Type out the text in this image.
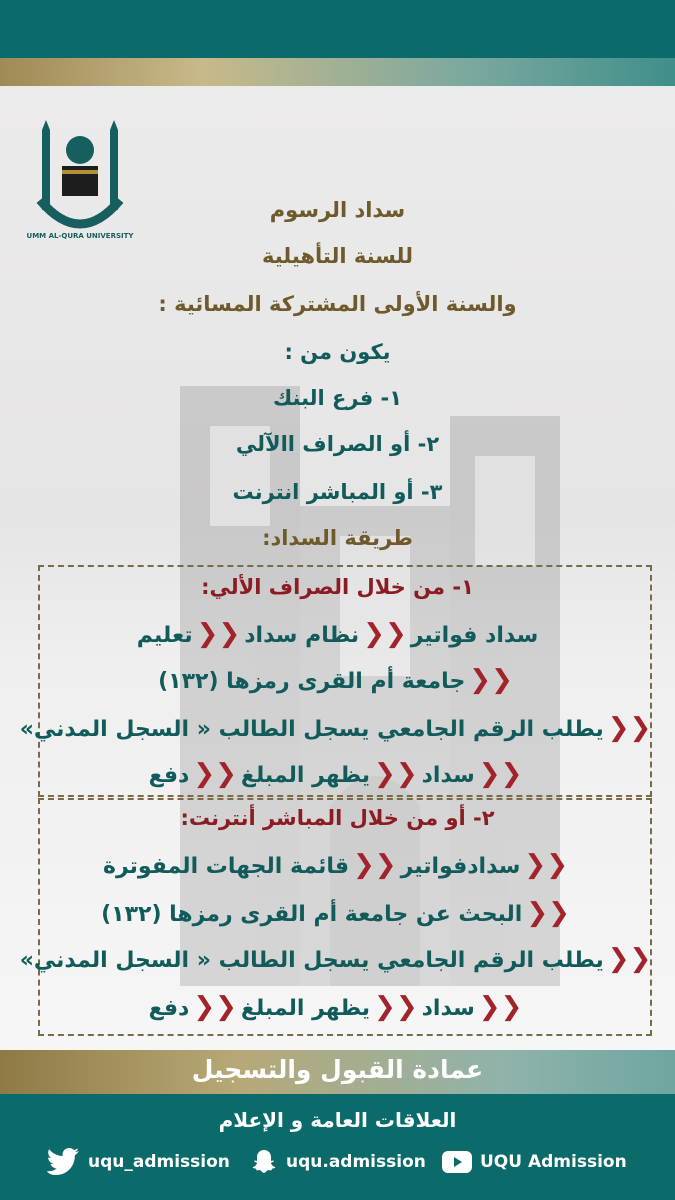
UMM AL-QURA UNIVERSITY
سداد الرسوم
للسنة التأهيلية
والسنة الأولى المشتركة المسائية :
يكون من :
١- فرع البنك
٢- أو الصراف االآلي
٣- أو المباشر انترنت
طريقة السداد:
١- من خلال الصراف الألي:
سداد فواتير❮❮نظام سداد❮❮تعليم
❮❮جامعة أم القرى رمزها (١٣٢)
❮❮يطلب الرقم الجامعي يسجل الطالب « السجل المدني»
❮❮سداد❮❮يظهر المبلغ❮❮دفع
٢- أو من خلال المباشر أنترنت:
❮❮سدادفواتير❮❮قائمة الجهات المفوترة
❮❮البحث عن جامعة أم القرى رمزها (١٣٢)
❮❮يطلب الرقم الجامعي يسجل الطالب « السجل المدني»
❮❮سداد❮❮يظهر المبلغ❮❮دفع
عمادة القبول والتسجيل
العلاقات العامة و الإعلام
uqu_admission	uqu.admission	UQU Admission
